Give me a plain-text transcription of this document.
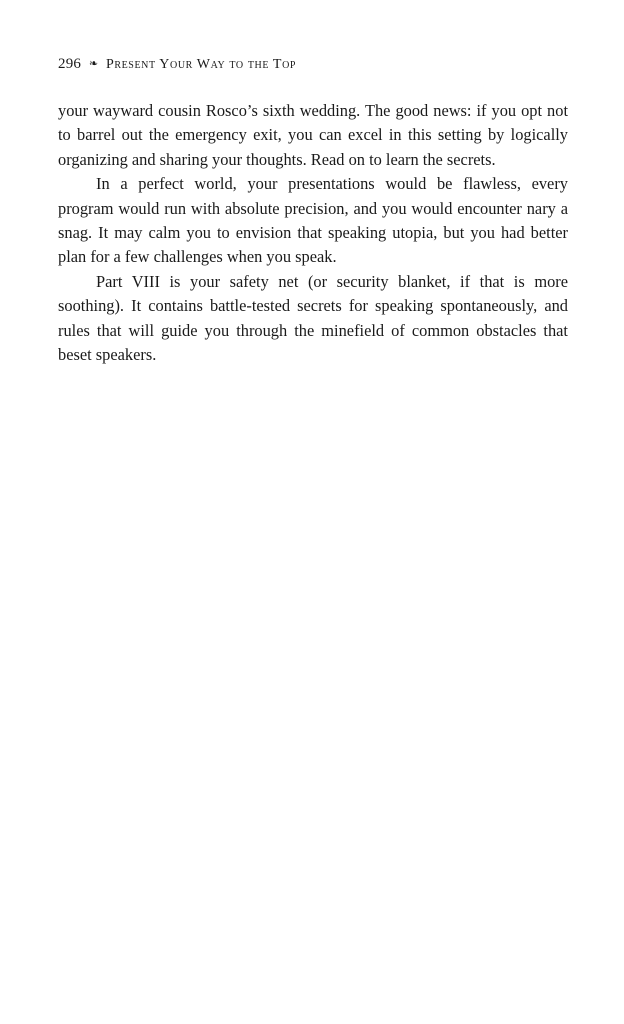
296 ❧ Present Your Way to the Top

your wayward cousin Rosco’s sixth wedding. The good news: if you opt not to barrel out the emergency exit, you can excel in this setting by logically organizing and sharing your thoughts. Read on to learn the secrets.

In a perfect world, your presentations would be flawless, every program would run with absolute precision, and you would encounter nary a snag. It may calm you to envision that speaking utopia, but you had better plan for a few challenges when you speak.

Part VIII is your safety net (or security blanket, if that is more soothing). It contains battle-tested secrets for speaking spontaneously, and rules that will guide you through the minefield of common obstacles that beset speakers.
